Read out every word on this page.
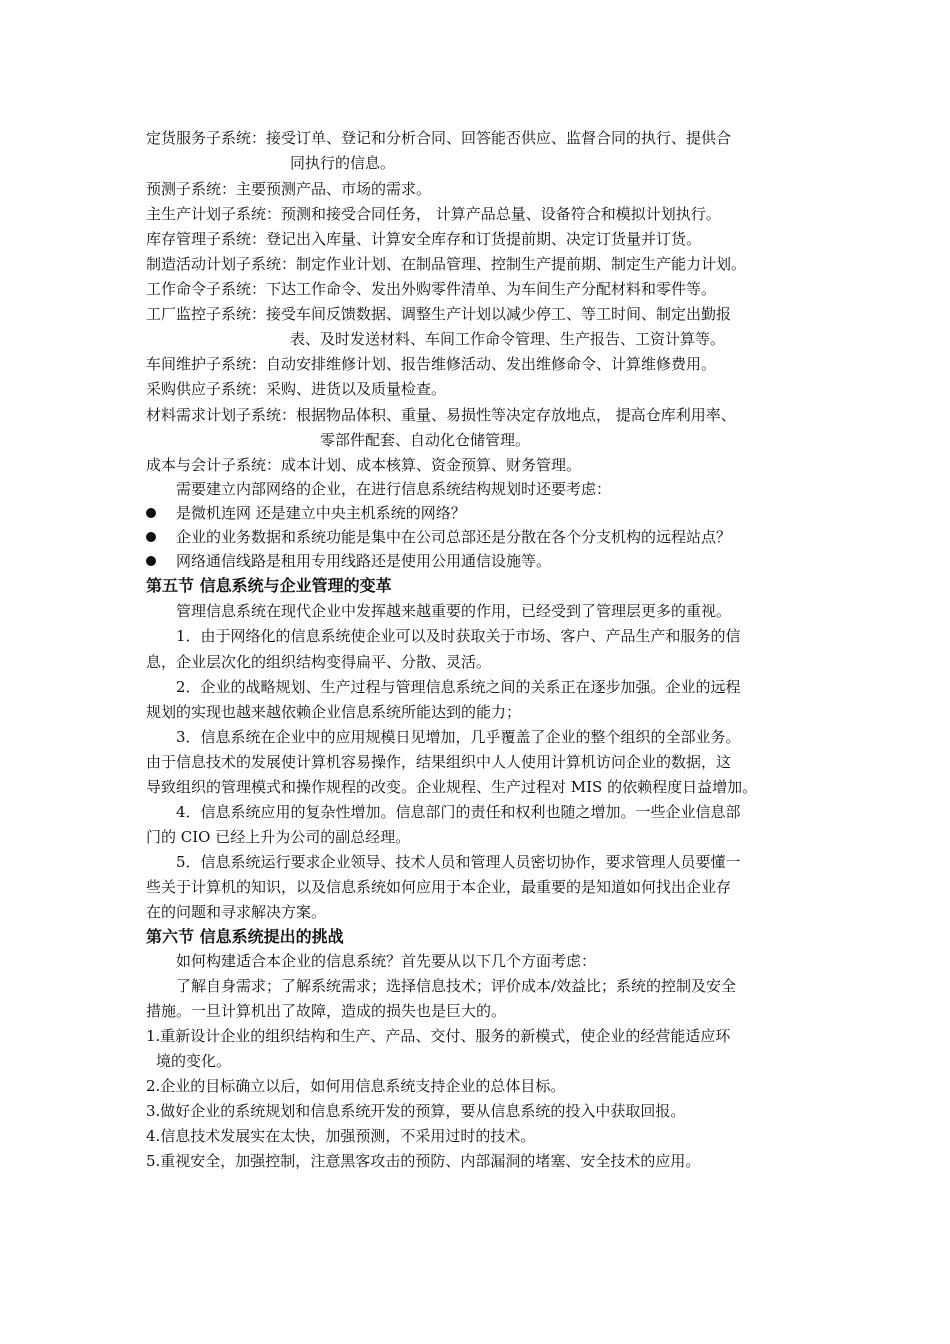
定货服务子系统：接受订单、登记和分析合同、回答能否供应、监督合同的执行、提供合
同执行的信息。
预测子系统：主要预测产品、市场的需求。
主生产计划子系统：预测和接受合同任务， 计算产品总量、设备符合和模拟计划执行。
库存管理子系统：登记出入库量、计算安全库存和订货提前期、决定订货量并订货。
制造活动计划子系统：制定作业计划、在制品管理、控制生产提前期、制定生产能力计划。
工作命令子系统：下达工作命令、发出外购零件清单、为车间生产分配材料和零件等。
工厂监控子系统：接受车间反馈数据、调整生产计划以减少停工、等工时间、制定出勤报
表、及时发送材料、车间工作命令管理、生产报告、工资计算等。
车间维护子系统：自动安排维修计划、报告维修活动、发出维修命令、计算维修费用。
采购供应子系统：采购、进货以及质量检查。
材料需求计划子系统：根据物品体积、重量、易损性等决定存放地点， 提高仓库利用率、
零部件配套、自动化仓储管理。
成本与会计子系统：成本计划、成本核算、资金预算、财务管理。
需要建立内部网络的企业，在进行信息系统结构规划时还要考虑：
是微机连网 还是建立中央主机系统的网络？
企业的业务数据和系统功能是集中在公司总部还是分散在各个分支机构的远程站点？
网络通信线路是租用专用线路还是使用公用通信设施等。
第五节 信息系统与企业管理的变革
管理信息系统在现代企业中发挥越来越重要的作用，已经受到了管理层更多的重视。
1．由于网络化的信息系统使企业可以及时获取关于市场、客户、产品生产和服务的信
息，企业层次化的组织结构变得扁平、分散、灵活。
2．企业的战略规划、生产过程与管理信息系统之间的关系正在逐步加强。企业的远程
规划的实现也越来越依赖企业信息系统所能达到的能力；
3．信息系统在企业中的应用规模日见增加，几乎覆盖了企业的整个组织的全部业务。
由于信息技术的发展使计算机容易操作，结果组织中人人使用计算机访问企业的数据，这
导致组织的管理模式和操作规程的改变。企业规程、生产过程对 MIS 的依赖程度日益增加。
4．信息系统应用的复杂性增加。信息部门的责任和权利也随之增加。一些企业信息部
门的 CIO 已经上升为公司的副总经理。
5．信息系统运行要求企业领导、技术人员和管理人员密切协作，要求管理人员要懂一
些关于计算机的知识，以及信息系统如何应用于本企业，最重要的是知道如何找出企业存
在的问题和寻求解决方案。
第六节 信息系统提出的挑战
如何构建适合本企业的信息系统？首先要从以下几个方面考虑：
了解自身需求；了解系统需求；选择信息技术；评价成本/效益比；系统的控制及安全
措施。一旦计算机出了故障，造成的损失也是巨大的。
1.重新设计企业的组织结构和生产、产品、交付、服务的新模式，使企业的经营能适应环
境的变化。
2.企业的目标确立以后，如何用信息系统支持企业的总体目标。
3.做好企业的系统规划和信息系统开发的预算，要从信息系统的投入中获取回报。
4.信息技术发展实在太快，加强预测，不采用过时的技术。
5.重视安全，加强控制，注意黑客攻击的预防、内部漏洞的堵塞、安全技术的应用。
